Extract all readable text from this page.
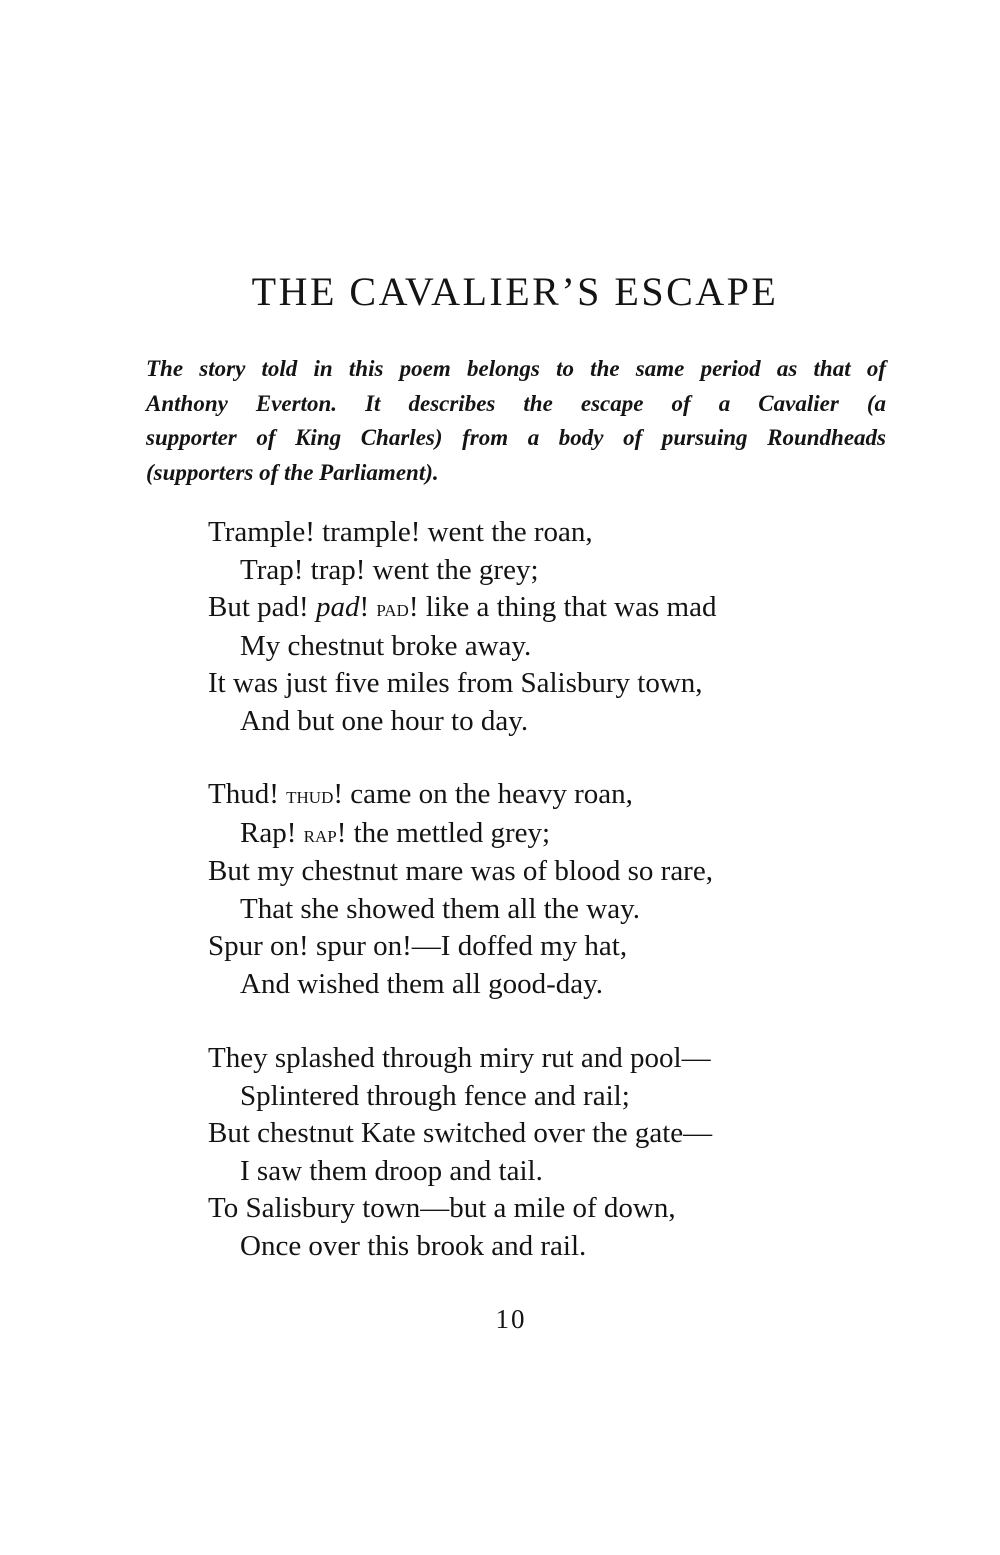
THE CAVALIER’S ESCAPE
The story told in this poem belongs to the same period as that of
Anthony Everton. It describes the escape of a Cavalier (a
supporter of King Charles) from a body of pursuing Roundheads
(supporters of the Parliament).
Trample! trample! went the roan,
Trap! trap! went the grey;
But pad! pad! pad! like a thing that was mad
My chestnut broke away.
It was just five miles from Salisbury town,
And but one hour to day.
Thud! thud! came on the heavy roan,
Rap! rap! the mettled grey;
But my chestnut mare was of blood so rare,
That she showed them all the way.
Spur on! spur on!—I doffed my hat,
And wished them all good-day.
They splashed through miry rut and pool—
Splintered through fence and rail;
But chestnut Kate switched over the gate—
I saw them droop and tail.
To Salisbury town—but a mile of down,
Once over this brook and rail.
10
